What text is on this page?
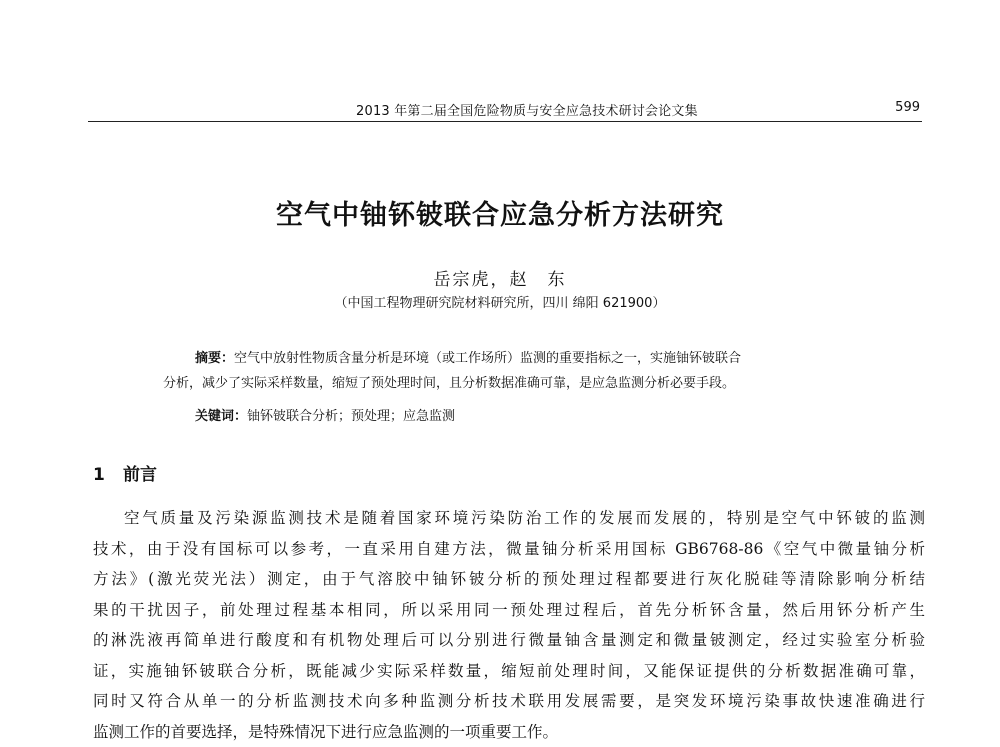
2013 年第二届全国危险物质与安全应急技术研讨会论文集	599
空气中铀钚铍联合应急分析方法研究
岳宗虎，赵　东
（中国工程物理研究院材料研究所，四川 绵阳 621900）
摘要：空气中放射性物质含量分析是环境（或工作场所）监测的重要指标之一，实施铀钚铍联合
分析，减少了实际采样数量，缩短了预处理时间，且分析数据准确可靠，是应急监测分析必要手段。
关键词：铀钚铍联合分析；预处理；应急监测
1 前言
空气质量及污染源监测技术是随着国家环境污染防治工作的发展而发展的，特别是空气中钚铍的监测
技术，由于没有国标可以参考，一直采用自建方法，微量铀分析采用国标 GB6768-86《空气中微量铀分析
方法》(激光荧光法）测定，由于气溶胶中铀钚铍分析的预处理过程都要进行灰化脱硅等清除影响分析结
果的干扰因子，前处理过程基本相同，所以采用同一预处理过程后，首先分析钚含量，然后用钚分析产生
的淋洗液再简单进行酸度和有机物处理后可以分别进行微量铀含量测定和微量铍测定，经过实验室分析验
证，实施铀钚铍联合分析，既能减少实际采样数量，缩短前处理时间，又能保证提供的分析数据准确可靠，
同时又符合从单一的分析监测技术向多种监测分析技术联用发展需要，是突发环境污染事故快速准确进行
监测工作的首要选择，是特殊情况下进行应急监测的一项重要工作。
